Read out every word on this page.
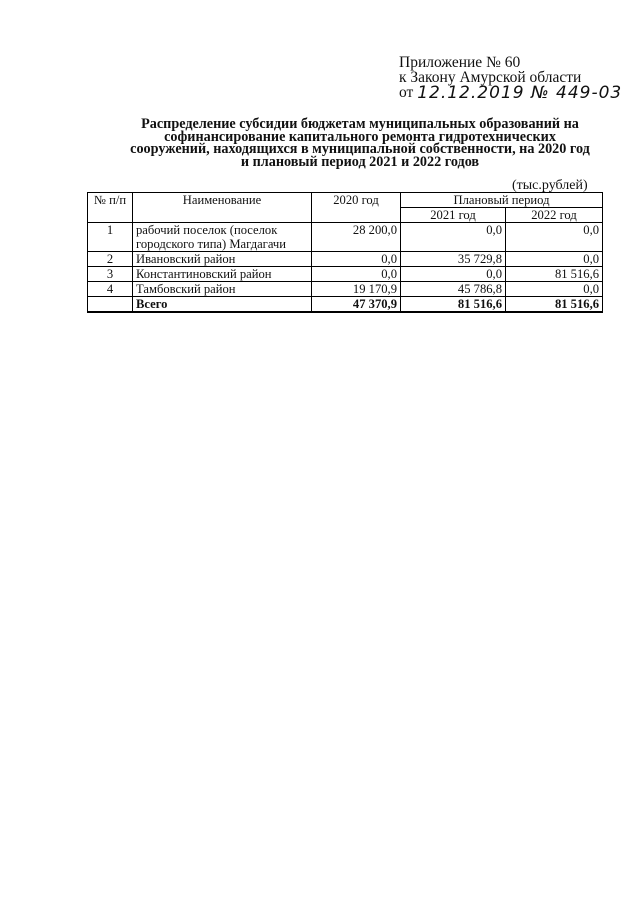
Приложение № 60
к Закону Амурской области
от 12.12.2019 № 449-03
Распределение субсидии бюджетам муниципальных образований на
софинансирование капитального ремонта гидротехнических
сооружений, находящихся в муниципальной собственности, на 2020 год
и плановый период 2021 и 2022 годов
(тыс.рублей)
№ п/п	Наименование	2020 год	Плановый период	
			2021 год	2022 год
1	рабочий поселок (поселок городского типа) Магдагачи	28 200,0	0,0	0,0
2	Ивановский район	0,0	35 729,8	0,0
3	Константиновский район	0,0	0,0	81 516,6
4	Тамбовский район	19 170,9	45 786,8	0,0
	Всего	47 370,9	81 516,6	81 516,6
